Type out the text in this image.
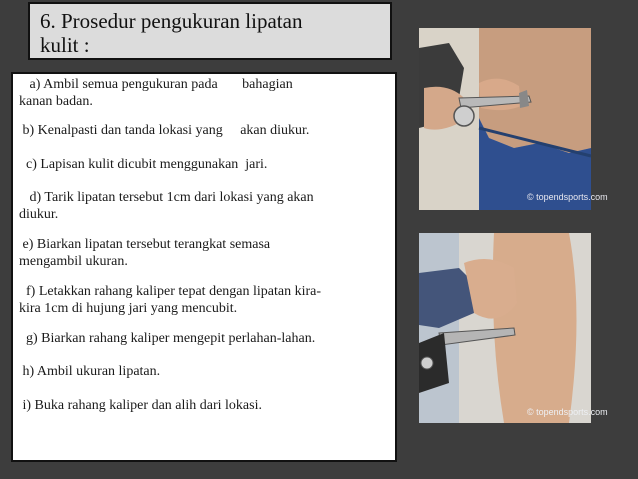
6. Prosedur pengukuran lipatan
kulit :
a) Ambil semua pengukuran pada       bahagian
kanan badan.
b) Kenalpasti dan tanda lokasi yang     akan diukur.
c) Lapisan kulit dicubit menggunakan  jari.
d) Tarik lipatan tersebut 1cm dari lokasi yang akan
diukur.
e) Biarkan lipatan tersebut terangkat semasa
mengambil ukuran.
f) Letakkan rahang kaliper tepat dengan lipatan kira-
kira 1cm di hujung jari yang mencubit.
g) Biarkan rahang kaliper mengepit perlahan-lahan.
h) Ambil ukuran lipatan.
i) Buka rahang kaliper dan alih dari lokasi.
© topendsports.com
© topendsports.com
